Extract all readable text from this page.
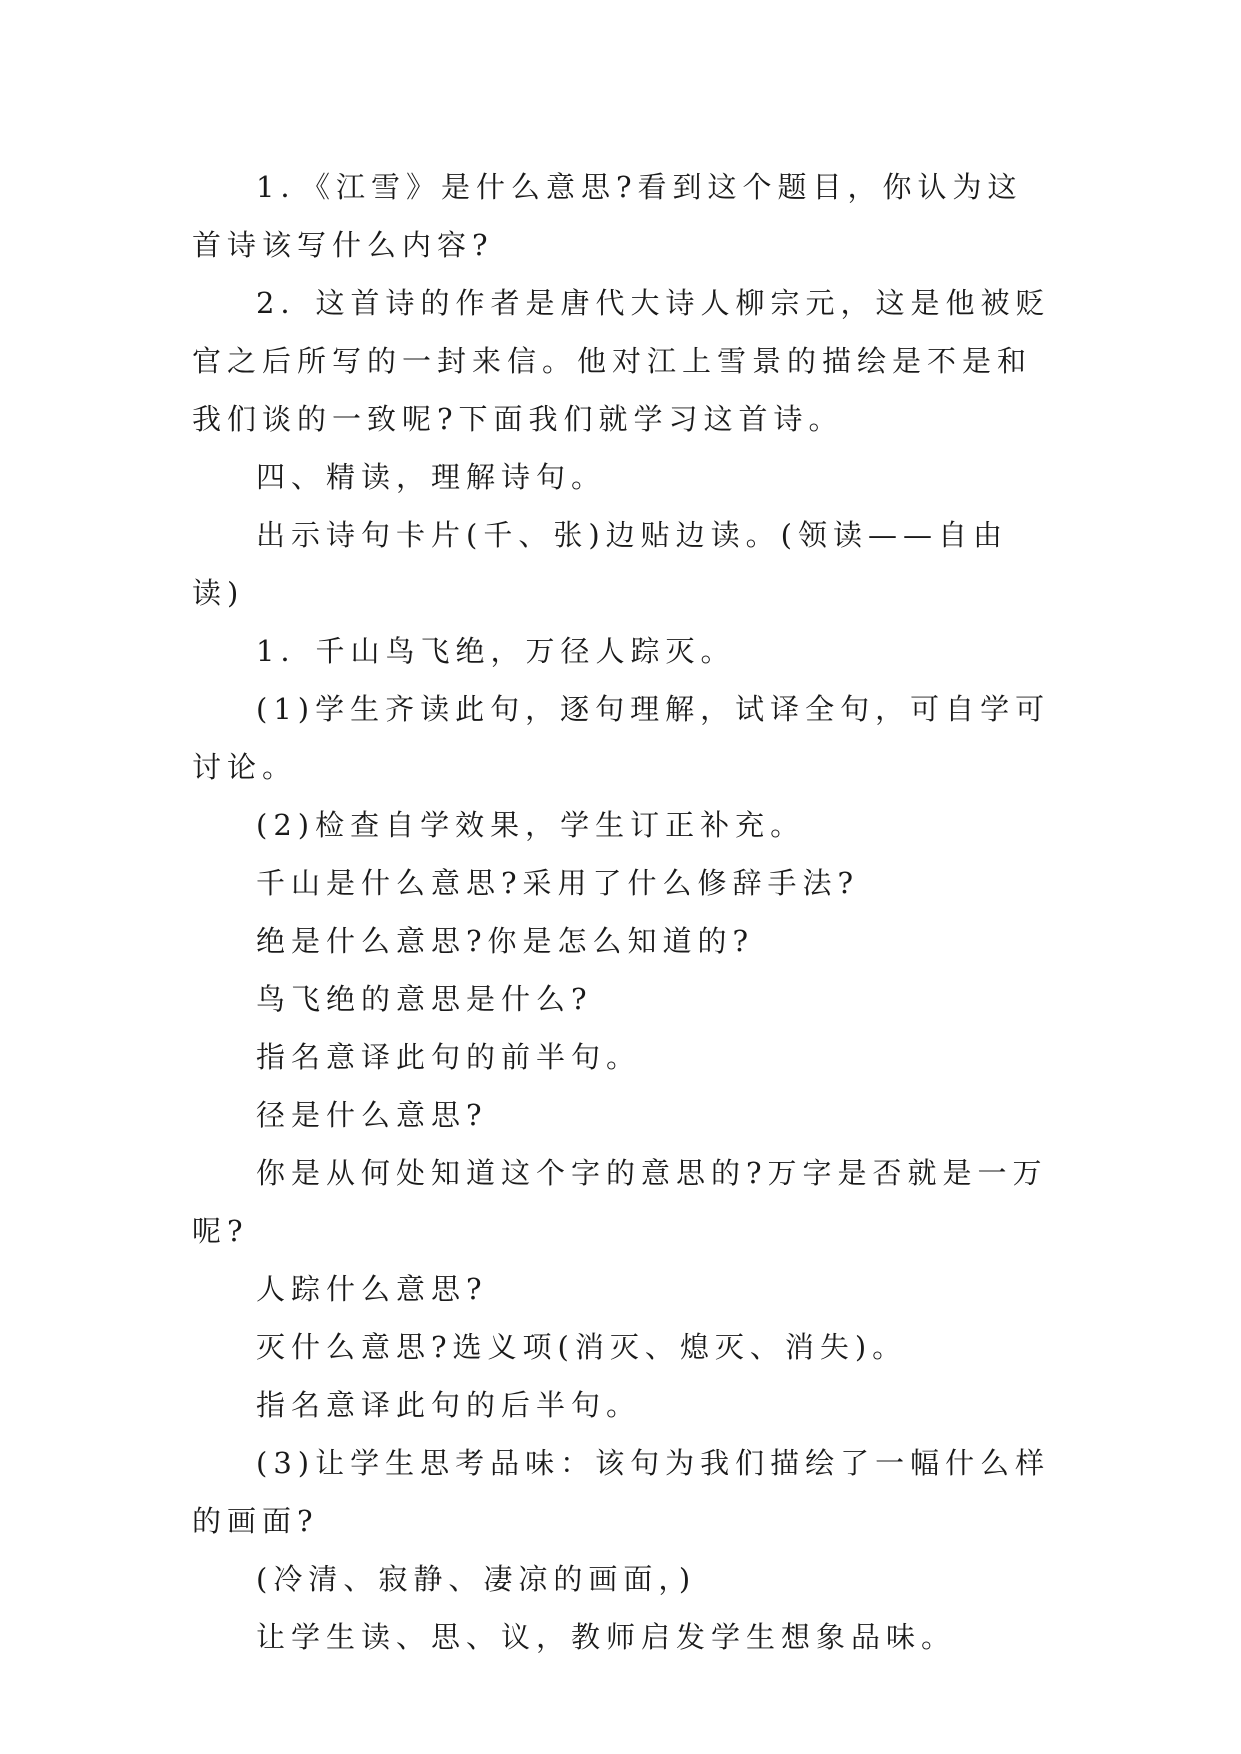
1．《江雪》是什么意思?看到这个题目，你认为这首诗该写什么内容?

2．这首诗的作者是唐代大诗人柳宗元，这是他被贬官之后所写的一封来信。他对江上雪景的描绘是不是和我们谈的一致呢?下面我们就学习这首诗。

四、精读，理解诗句。

出示诗句卡片(千、张)边贴边读。(领读——自由读)

1．千山鸟飞绝，万径人踪灭。

(1)学生齐读此句，逐句理解，试译全句，可自学可讨论。

(2)检查自学效果，学生订正补充。

千山是什么意思?采用了什么修辞手法?

绝是什么意思?你是怎么知道的?

鸟飞绝的意思是什么?

指名意译此句的前半句。

径是什么意思?

你是从何处知道这个字的意思的?万字是否就是一万呢?

人踪什么意思?

灭什么意思?选义项(消灭、熄灭、消失)。

指名意译此句的后半句。

(3)让学生思考品味：该句为我们描绘了一幅什么样的画面?

(冷清、寂静、凄凉的画面，)

让学生读、思、议，教师启发学生想象品味。
